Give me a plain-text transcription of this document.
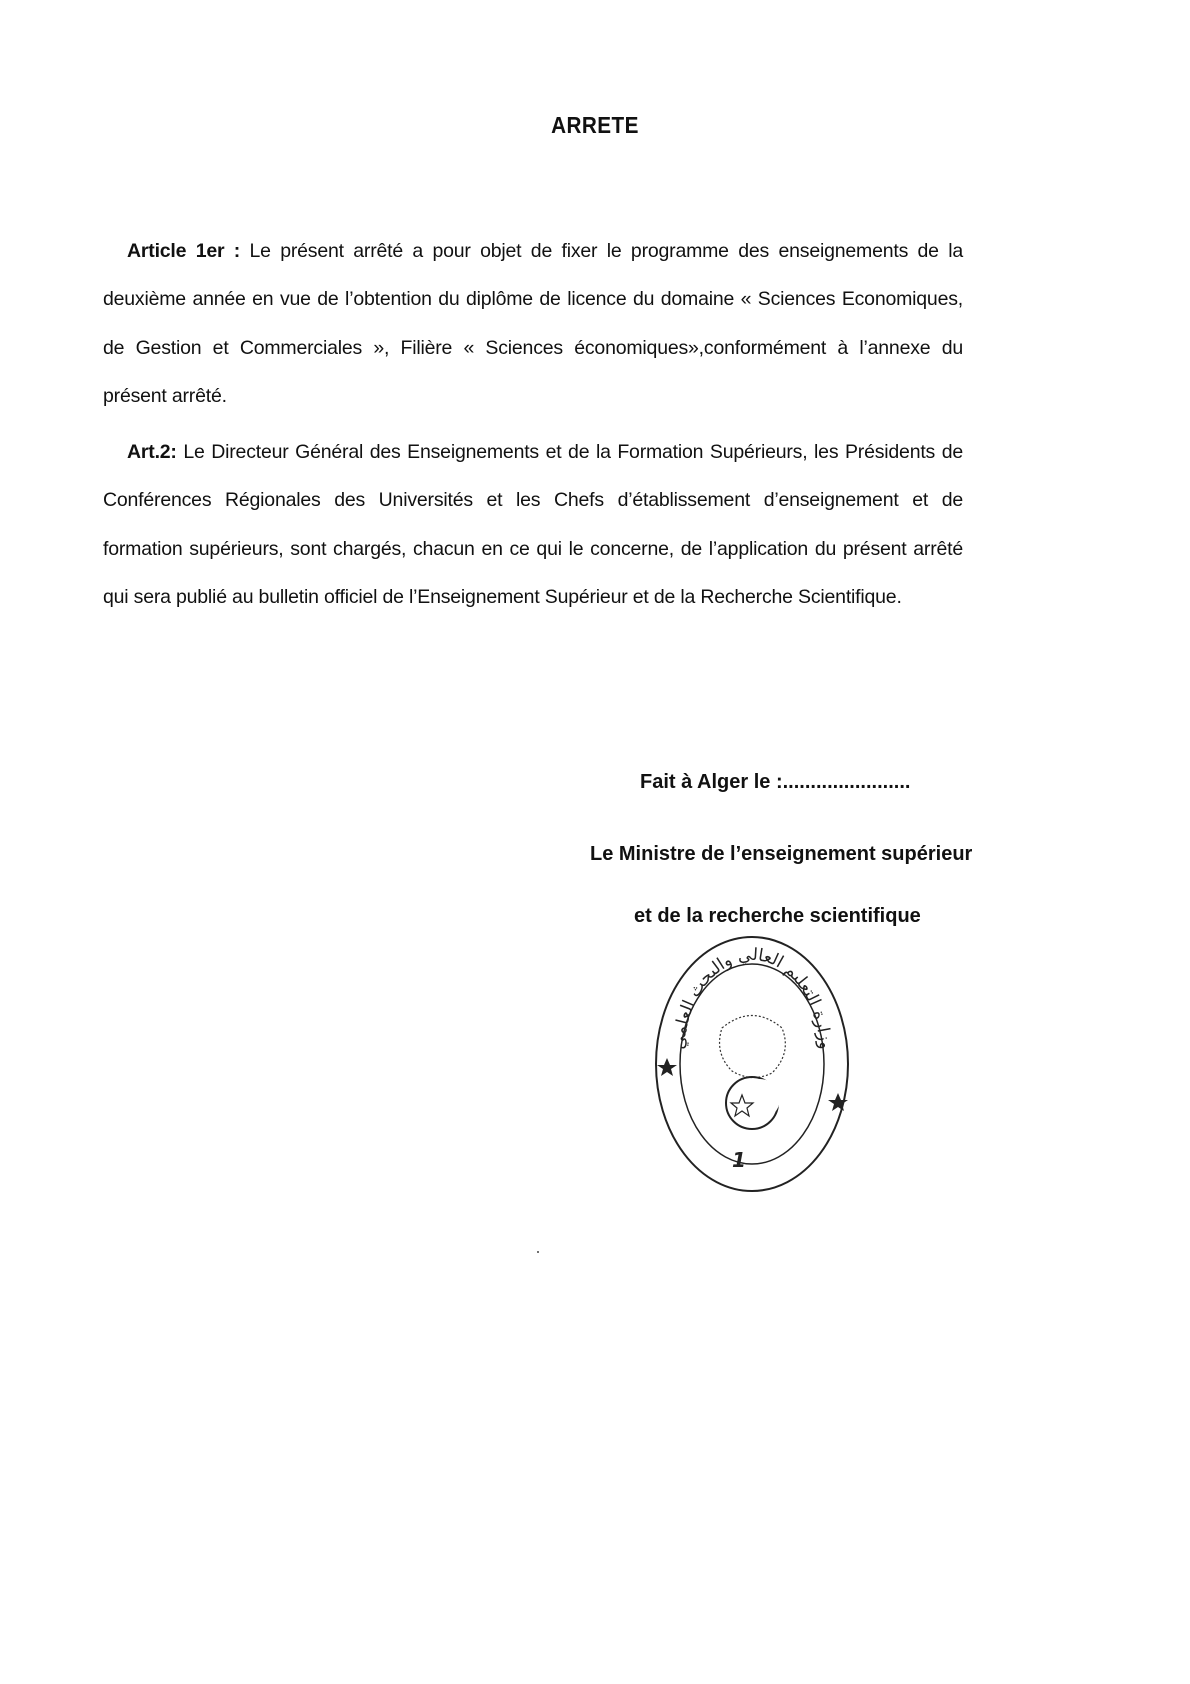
ARRETE

Article 1er : Le présent arrêté a pour objet de fixer le programme des enseignements de la deuxième année en vue de l’obtention du diplôme de licence du domaine « Sciences Economiques, de Gestion et Commerciales », Filière « Sciences économiques»,conformément à l’annexe du présent arrêté.

Art.2: Le Directeur Général des Enseignements et de la Formation Supérieurs, les Présidents de Conférences Régionales des Universités et les Chefs d’établissement d’enseignement et de formation supérieurs, sont chargés, chacun en ce qui le concerne, de l’application du présent arrêté qui sera publié au bulletin officiel de l’Enseignement Supérieur et de la Recherche Scientifique.

Fait à Alger le :.......................
Le Ministre de l’enseignement supérieur
et de la recherche scientifique
وزارة التعليم العالي والبحث العلمي
1
